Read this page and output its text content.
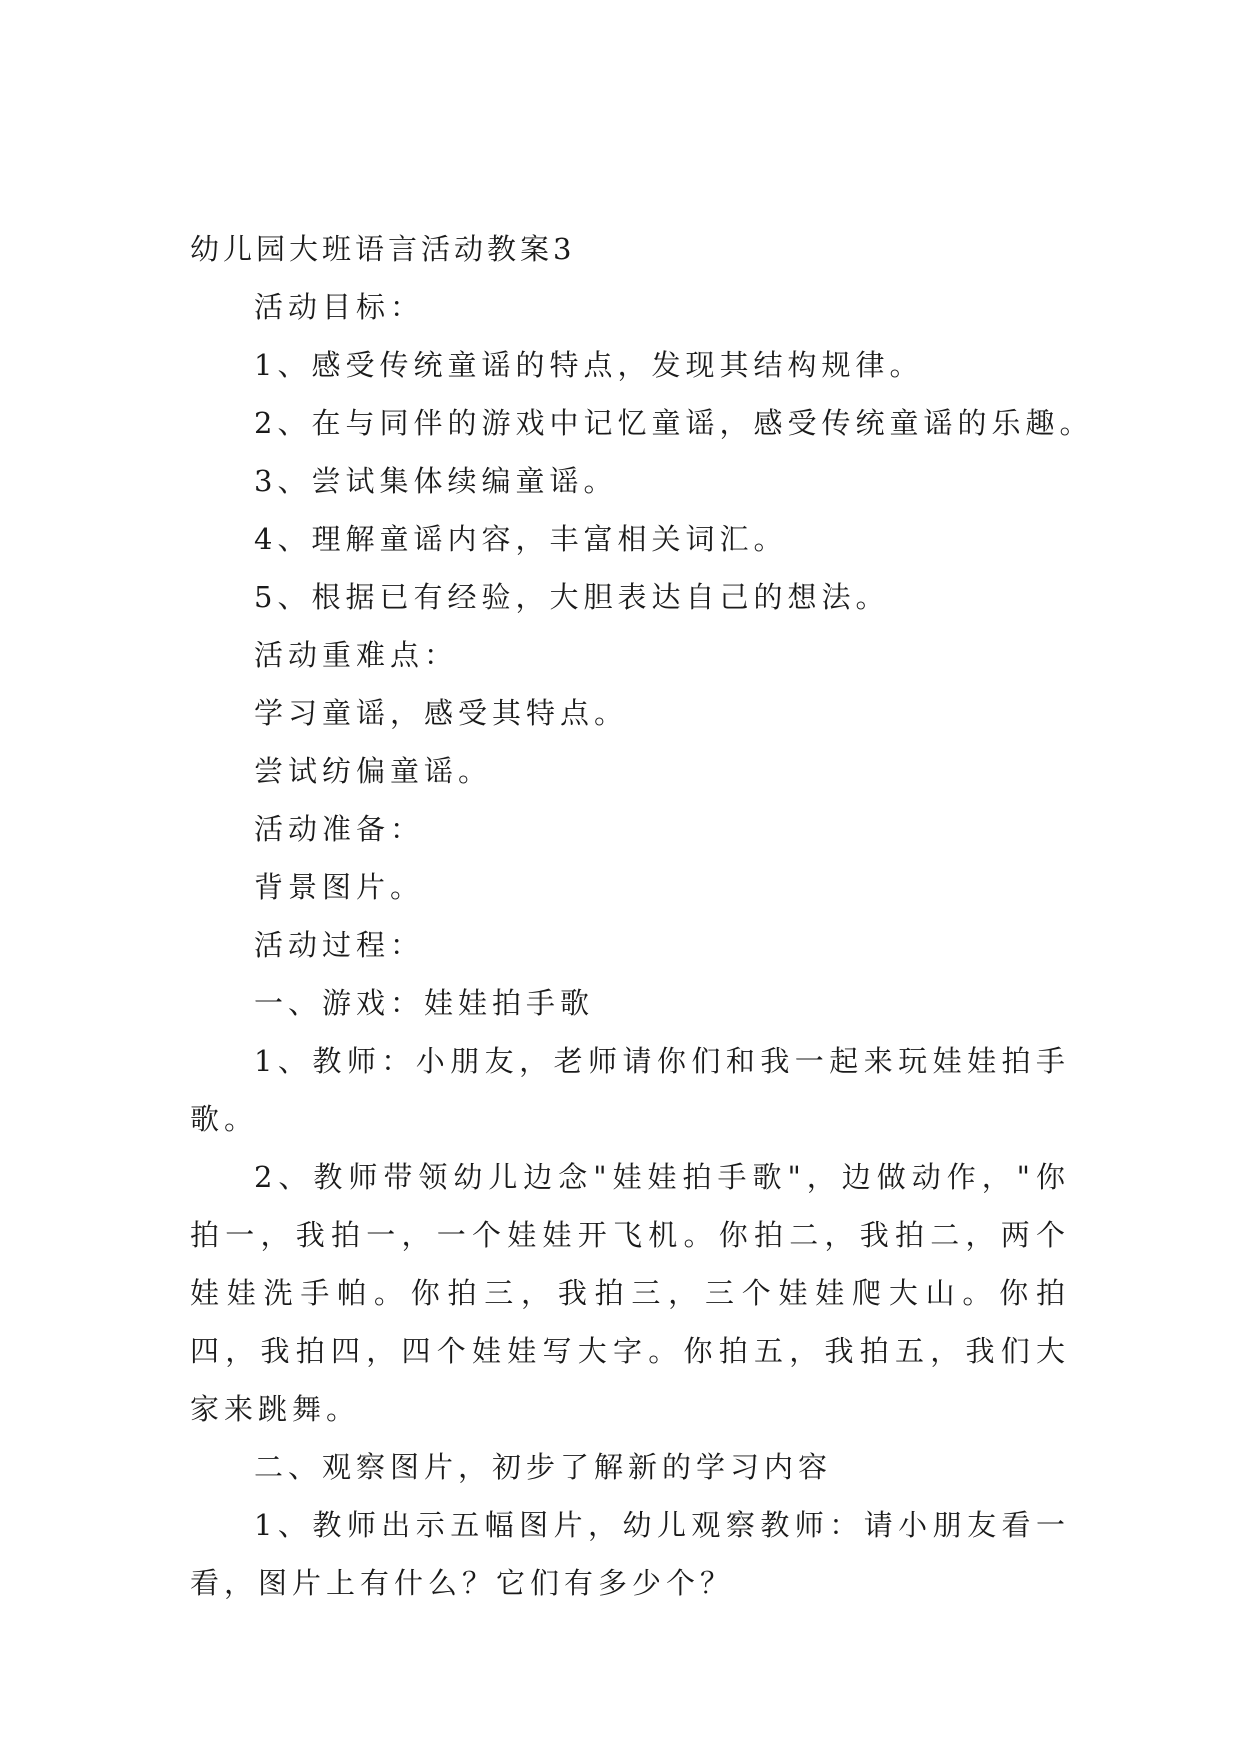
幼儿园大班语言活动教案3

活动目标：

1、感受传统童谣的特点，发现其结构规律。

2、在与同伴的游戏中记忆童谣，感受传统童谣的乐趣。

3、尝试集体续编童谣。

4、理解童谣内容，丰富相关词汇。

5、根据已有经验，大胆表达自己的想法。

活动重难点：

学习童谣，感受其特点。

尝试纺偏童谣。

活动准备：

背景图片。

活动过程：

一、游戏：娃娃拍手歌

1、教师：小朋友，老师请你们和我一起来玩娃娃拍手歌。

2、教师带领幼儿边念"娃娃拍手歌"，边做动作，"你拍一，我拍一，一个娃娃开飞机。你拍二，我拍二，两个娃娃洗手帕。你拍三，我拍三，三个娃娃爬大山。你拍四，我拍四，四个娃娃写大字。你拍五，我拍五，我们大家来跳舞。

二、观察图片，初步了解新的学习内容

1、教师出示五幅图片，幼儿观察教师：请小朋友看一看，图片上有什么？它们有多少个？
